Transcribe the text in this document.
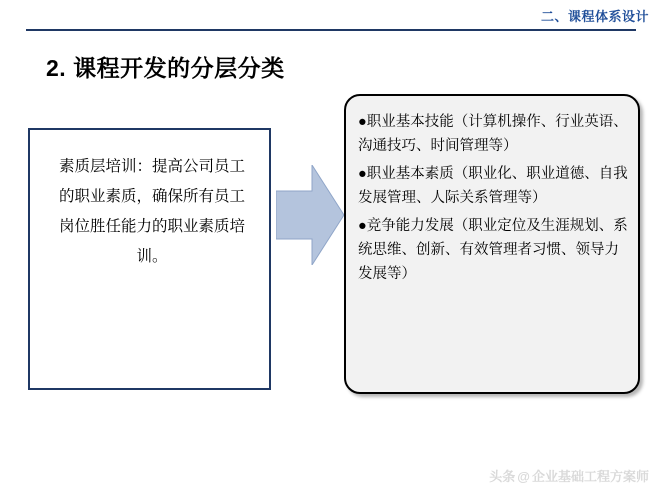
二、课程体系设计
2. 课程开发的分层分类
素质层培训：提高公司员工的职业素质，确保所有员工岗位胜任能力的职业素质培训。

●职业基本技能（计算机操作、行业英语、沟通技巧、时间管理等）

●职业基本素质（职业化、职业道德、自我发展管理、人际关系管理等）

●竞争能力发展（职业定位及生涯规划、系统思维、创新、有效管理者习惯、领导力发展等）

头条 @ 企业基础工程方案师
